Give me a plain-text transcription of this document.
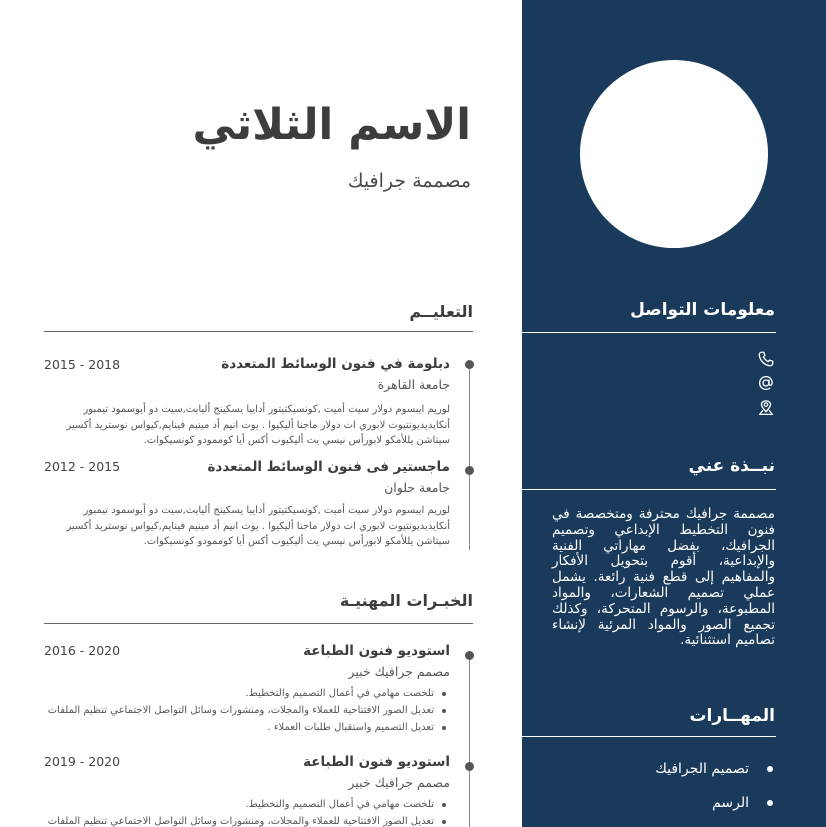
معلومات التواصل
نبــذة عني

مصممة جرافيك محترفة ومتخصصة في فنون التخطيط الإبداعي وتصميم الجرافيك، بفضل مهاراتي الفنية والإبداعية، أقوم بتحويل الأفكار والمفاهيم إلى قطع فنية رائعة. يشمل عملي تصميم الشعارات، والمواد المطبوعة، والرسوم المتحركة، وكذلك تجميع الصور والمواد المرئية لإنشاء تصاميم استثنائية.

المهــارات
تصميم الجرافيك
الرسم
الاسم الثلاثي
مصممة جرافيك
التعليــم
دبلومة في فنون الوسائط المتعددة
2015 - 2018
جامعة القاهرة

لوريم ايبسوم دولار سيت أميت ,كونسيكتيتور أدايبا يسكينج أليايت,سيت دو أيوسمود تيمبور أنكايديديونتيوت لابوري ات دولار ماجنا أليكيوا . يوت انيم أد مينيم فينايم,كيواس نوستريد أكسير سيتاشن يللأمكو لابورأس نيسي يت أليكيوب أكس أيا كوممودو كونسيكوات.

ماجستير فى فنون الوسائط المتعددة
2012 - 2015
جامعة حلوان

لوريم ايبسوم دولار سيت أميت ,كونسيكتيتور أدايبا يسكينج أليايت,سيت دو أيوسمود تيمبور أنكايديديونتيوت لابوري ات دولار ماجنا أليكيوا . يوت انيم أد مينيم فينايم,كيواس نوستريد أكسير سيتاشن يللأمكو لابورأس نيسي يت أليكيوب أكس أيا كوممودو كونسيكوات.

الخبـرات المهنيـة
استوديو فنون الطباعة
2016 - 2020
مصمم جرافيك خبير
تلخصت مهامي في أعمال التصميم والتخطيط.
تعديل الصور الافتتاحية للعملاء والمجلات، ومنشورات وسائل التواصل الاجتماعي تنظيم الملفات
تعديل التصميم واستقبال طلبات العملاء .
استوديو فنون الطباعة
2019 - 2020
مصمم جرافيك خبير
تلخصت مهامي في أعمال التصميم والتخطيط.
تعديل الصور الافتتاحية للعملاء والمجلات، ومنشورات وسائل التواصل الاجتماعي تنظيم الملفات
